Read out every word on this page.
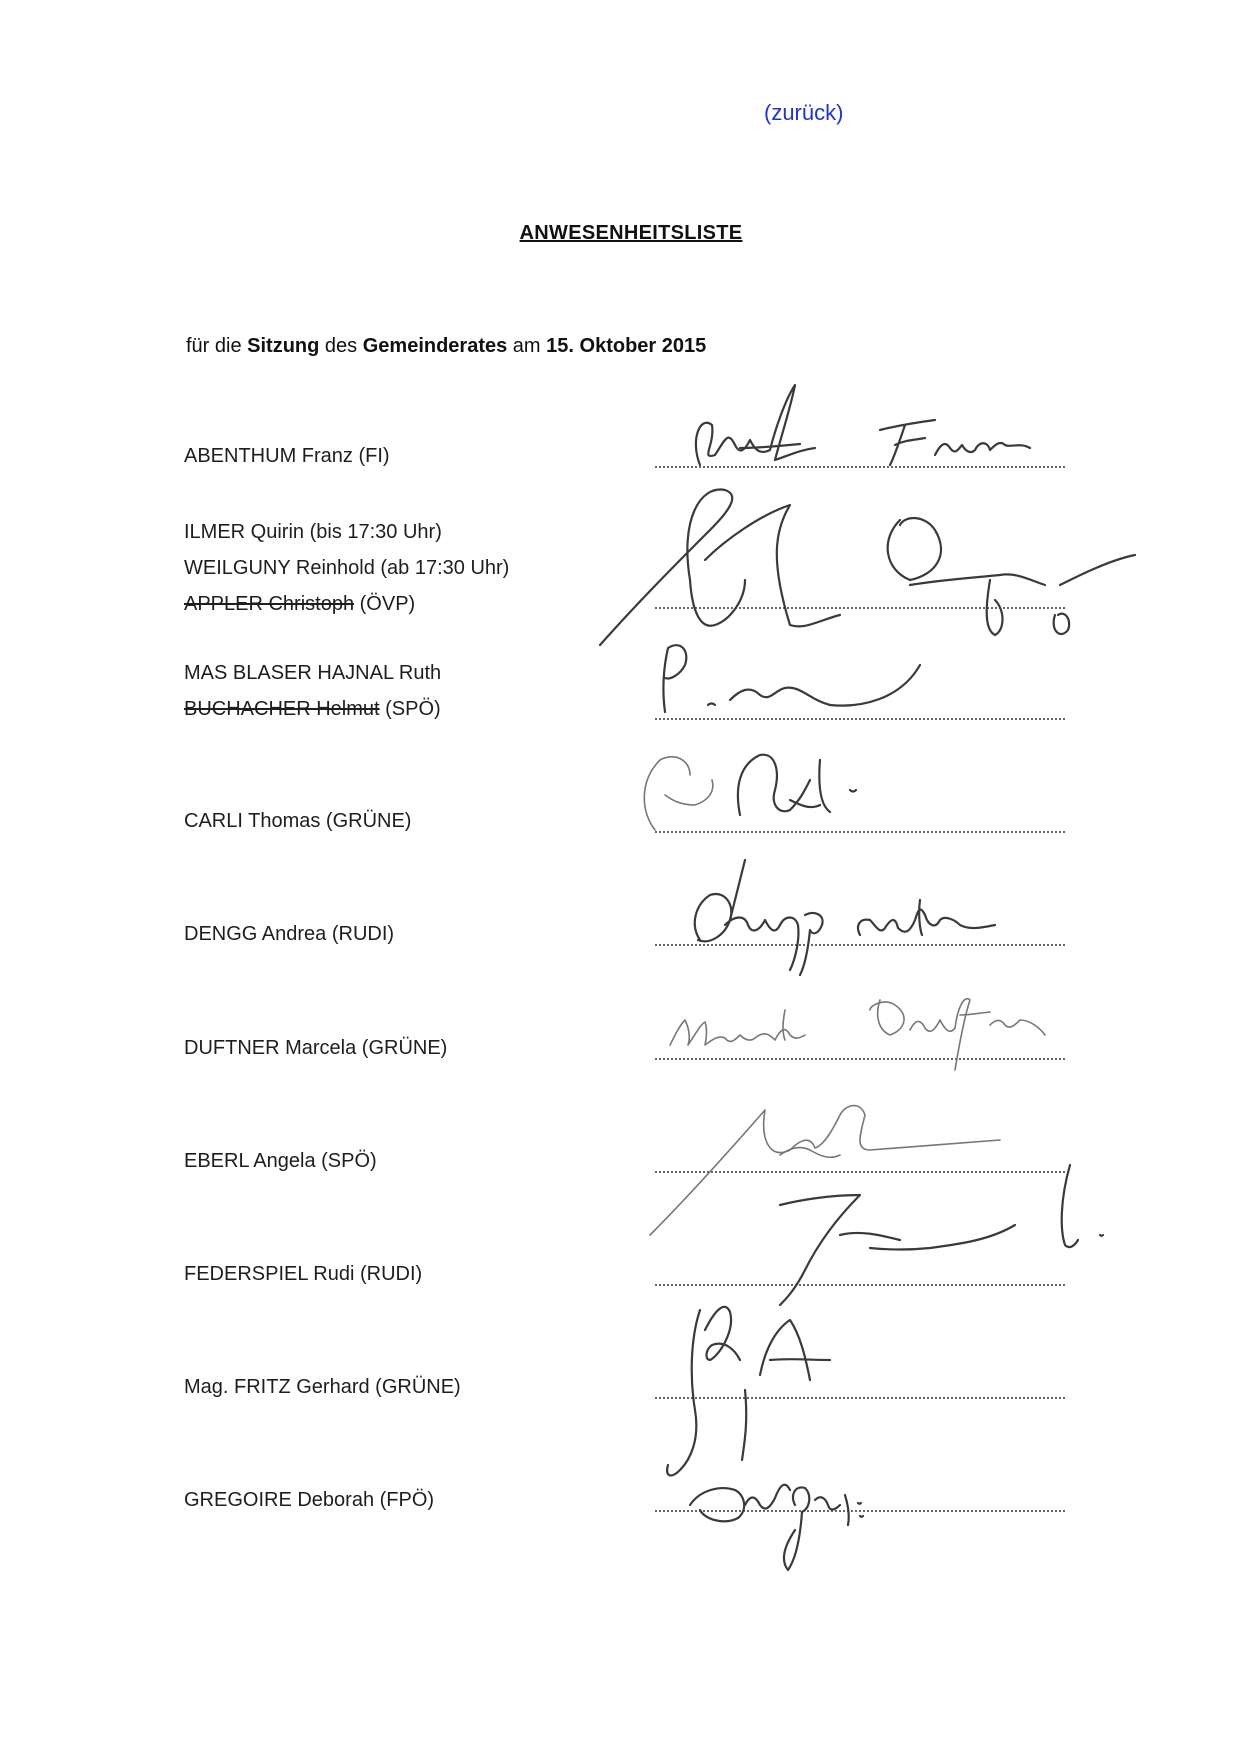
(zurück)
ANWESENHEITSLISTE
für die Sitzung des Gemeinderates am 15. Oktober 2015
ABENTHUM Franz (FI)
ILMER Quirin (bis 17:30 Uhr)
WEILGUNY Reinhold (ab 17:30 Uhr)
APPLER Christoph (ÖVP)
MAS BLASER HAJNAL Ruth
BUCHACHER Helmut (SPÖ)
CARLI Thomas (GRÜNE)
DENGG Andrea (RUDI)
DUFTNER Marcela (GRÜNE)
EBERL Angela (SPÖ)
FEDERSPIEL Rudi (RUDI)
Mag. FRITZ Gerhard (GRÜNE)
GREGOIRE Deborah (FPÖ)
